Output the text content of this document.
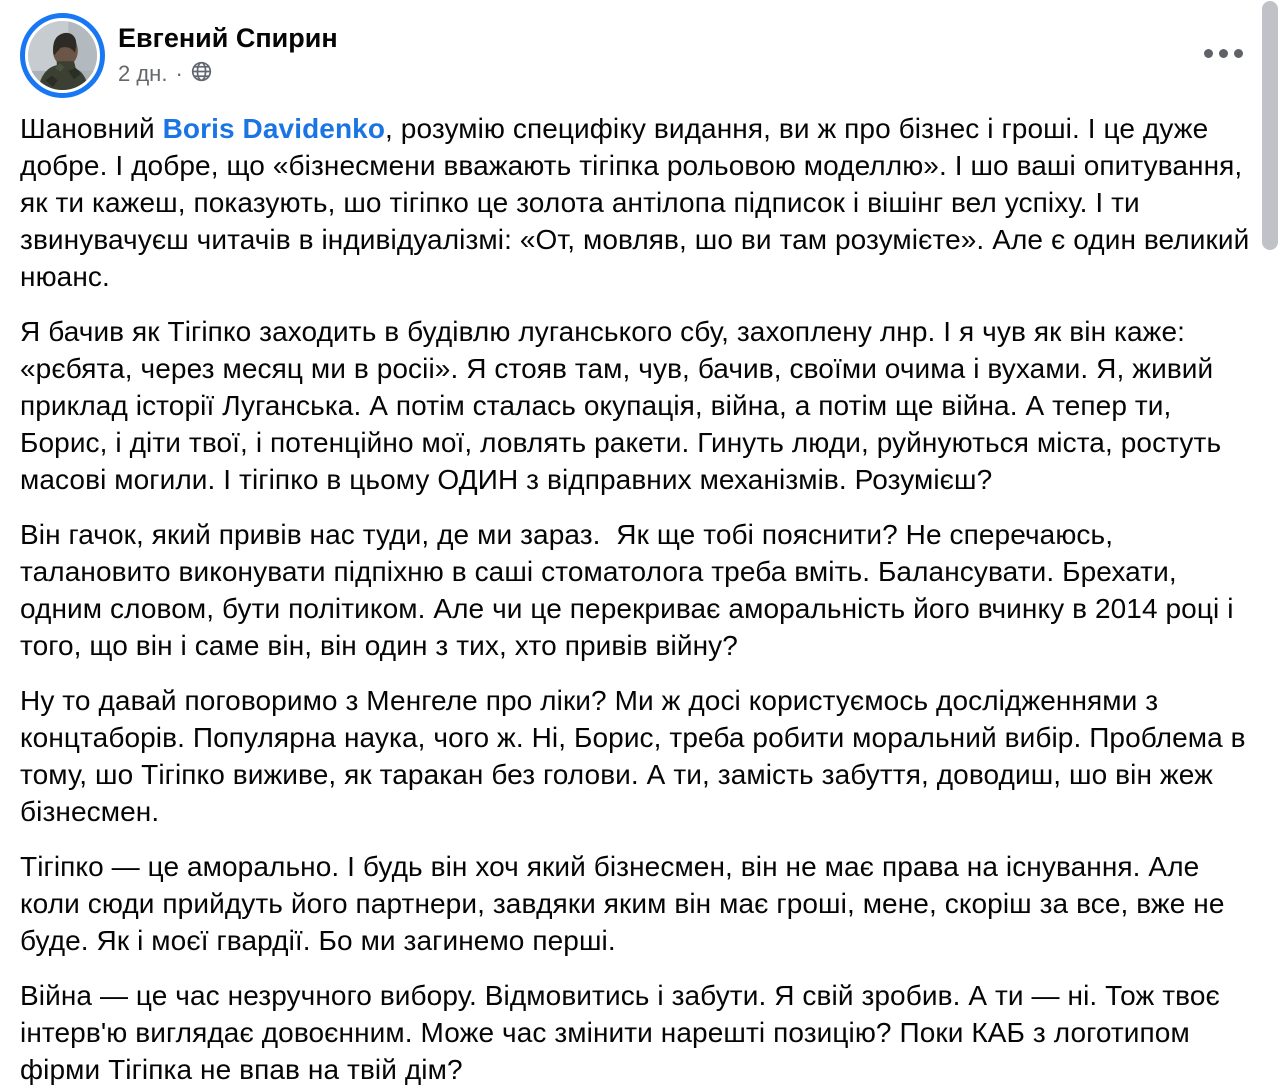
Евгений Спирин
2 дн. ·

Шановний Boris Davidenko, розумію специфіку видання, ви ж про бізнес і гроші. І це дуже добре. І добре, що «бізнесмени вважають тігіпка рольовою моделлю». І шо ваші опитування, як ти кажеш, показують, шо тігіпко це золота антілопа підписок і вішінг вел успіху. І ти звинувачуєш читачів в індивідуалізмі: «От, мовляв, шо ви там розумієте». Але є один великий нюанс.

Я бачив як Тігіпко заходить в будівлю луганського сбу, захоплену лнр. І я чув як він каже: «рєбята, через месяц ми в росіі». Я стояв там, чув, бачив, своїми очима і вухами. Я, живий приклад історії Луганська. А потім сталась окупація, війна, а потім ще війна. А тепер ти, Борис, і діти твої, і потенційно мої, ловлять ракети. Гинуть люди, руйнуються міста, ростуть масові могили. І тігіпко в цьому ОДИН з відправних механізмів. Розумієш?

Він гачок, який привів нас туди, де ми зараз.  Як ще тобі пояснити? Не сперечаюсь, талановито виконувати підпіхню в саші стоматолога треба вміть. Балансувати. Брехати, одним словом, бути політиком. Але чи це перекриває аморальність його вчинку в 2014 році і того, що він і саме він, він один з тих, хто привів війну?

Ну то давай поговоримо з Менгеле про ліки? Ми ж досі користуємось дослідженнями з концтаборів. Популярна наука, чого ж. Ні, Борис, треба робити моральний вибір. Проблема в тому, шо Тігіпко виживе, як таракан без голови. А ти, замість забуття, доводиш, шо він жеж бізнесмен.

Тігіпко — це аморально. І будь він хоч який бізнесмен, він не має права на існування. Але коли сюди прийдуть його партнери, завдяки яким він має гроші, мене, скоріш за все, вже не буде. Як і моєї гвардії. Бо ми загинемо перші.

Війна — це час незручного вибору. Відмовитись і забути. Я свій зробив. А ти — ні. Тож твоє інтерв'ю виглядає довоєнним. Може час змінити нарешті позицію? Поки КАБ з логотипом фірми Тігіпка не впав на твій дім?
